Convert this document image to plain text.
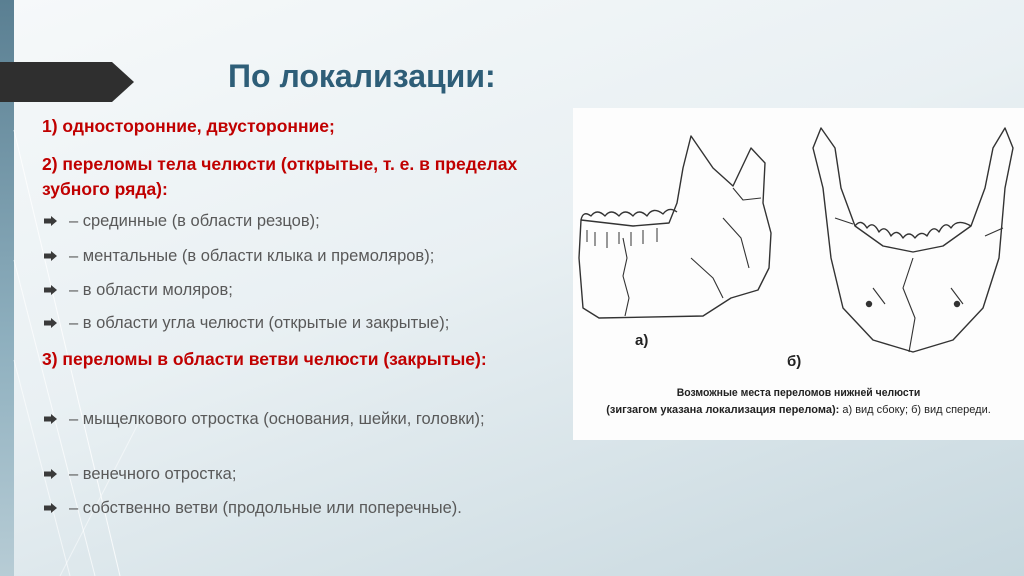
По локализации:
1) односторонние, двусторонние;
2) переломы тела челюсти (открытые, т. е. в пределах зубного ряда):
– срединные (в области резцов);
– ментальные (в области клыка и премоляров);
– в области моляров;
– в области угла челюсти (открытые и закрытые);
3) переломы в области ветви челюсти (закрытые):
– мыщелкового отростка (основания, шейки, головки);
– венечного отростка;
– собственно ветви (продольные или поперечные).
а)
б)
Возможные места переломов нижней челюсти
(зигзагом указана локализация перелома): а) вид сбоку; б) вид спереди.
